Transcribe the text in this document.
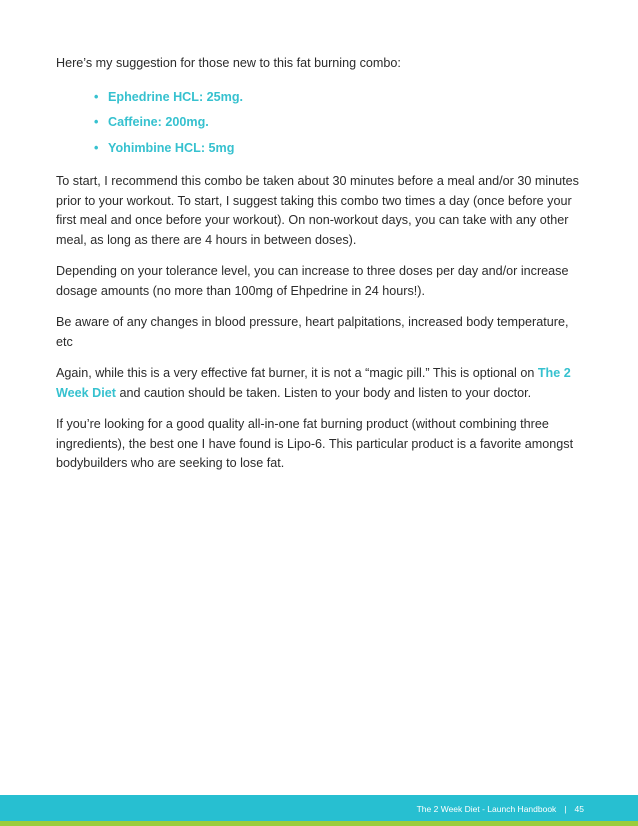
Here’s my suggestion for those new to this fat burning combo:

• Ephedrine HCL: 25mg.
• Caffeine: 200mg.
• Yohimbine HCL: 5mg

To start, I recommend this combo be taken about 30 minutes before a meal and/or 30 minutes prior to your workout. To start, I suggest taking this combo two times a day (once before your first meal and once before your workout). On non-workout days, you can take with any other meal, as long as there are 4 hours in between doses).

Depending on your tolerance level, you can increase to three doses per day and/or increase dosage amounts (no more than 100mg of Ehpedrine in 24 hours!).

Be aware of any changes in blood pressure, heart palpitations, increased body temperature, etc

Again, while this is a very effective fat burner, it is not a “magic pill.” This is optional on The 2 Week Diet and caution should be taken. Listen to your body and listen to your doctor.

If you’re looking for a good quality all-in-one fat burning product (without combining three ingredients), the best one I have found is Lipo-6. This particular product is a favorite amongst bodybuilders who are seeking to lose fat.

The 2 Week Diet - Launch Handbook | 45
